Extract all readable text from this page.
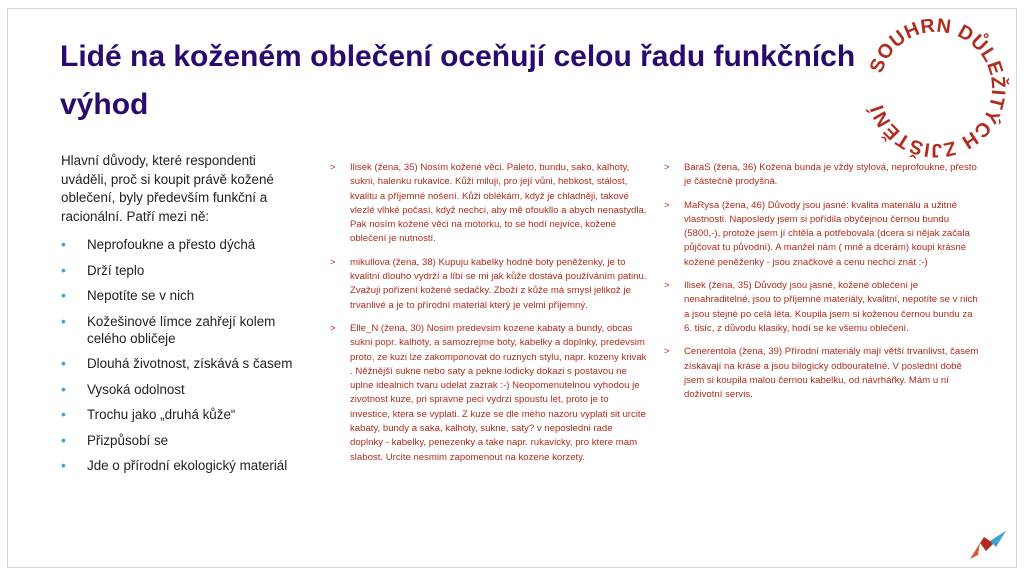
Lidé na koženém oblečení oceňují celou řadu funkčních výhod
SOUHRN DŮLEŽITÝCH ZJIŠTĚNÍ

Hlavní důvody, které respondenti uváděli, proč si koupit právě kožené oblečení, byly především funkční a racionální. Patří mezi ně:

• Neprofoukne a přesto dýchá
• Drží teplo
• Nepotíte se v nich
• Kožešinové límce zahřejí kolem celého obličeje
• Dlouhá životnost, získává s časem
• Vysoká odolnost
• Trochu jako „druhá kůže“
• Přizpůsobí se
• Jde o přírodní ekologický materiál
> Ilisek (žena, 35) Nosím kožené věci. Paleto, bundu, sako, kalhoty, sukni, halenku rukavice. Kůži miluji, pro její vůni, hebkost, stálost, kvalitu a příjemné nošení. Kůži oblékám, když je chladněji, takové vlezlé vlhké počasí, když nechci, aby mě ofoukllo a abych nenastydla. Pak nosím kožené věci na motorku, to se hodí nejvíce, kožené oblečení je nutností.
> mikullova (žena, 38) Kupuju kabelky hodně boty peněženky, je to kvalitní dlouho vydrží a líbí se mi jak kůže dostává používáním patinu. Zvažuji pořízení kožené sedačky. Zboží z kůže má smysl jelikož je trvanlivé a je to přírodní materiál který je velmi příjemný.
> Elle_N (žena, 30) Nosim predevsim kozene kabaty a bundy, obcas sukni popr. kalhoty, a samozrejme boty, kabelky a doplnky, predevsim proto, ze kuzi lze zakomponovat do ruznych stylu, napr. kozeny krivak . Něžnější sukne nebo saty a pekne lodicky dokazi s postavou ne uplne idealnich tvaru udelat zazrak :-) Neopomenutelnou vyhodou je zivotnost kuze, pri spravne peci vydrzi spoustu let, proto je to investice, ktera se vyplati. Z kuze se dle meho nazoru vyplati sit urcite kabaty, bundy a saka, kalhoty, sukne, saty? v neposledni rade doplnky - kabelky, penezenky a take napr. rukavicky, pro ktere mam slabost. Urcite nesmim zapomenout na kozene korzety.
> BaraS (žena, 36) Kožená bunda je vždy stylová, neprofoukne, přesto je částečně prodyšná.
> MaRysa (žena, 46) Důvody jsou jasné: kvalita materiálu a užitné vlastnosti. Naposledy jsem si pořídila obyčejnou černou bundu (5800,-), protože jsem jí chtěla a potřebovala (dcera si nějak začala půjčovat tu původní). A manžel nám ( mně a dcerám) koupi krásné kožené peněženky - jsou značkové a cenu nechci znát :-)
> Ilisek (žena, 35) Důvody jsou jasné, kožené oblečení je nenahraditelné, jsou to příjemné materiály, kvalitní, nepotíte se v nich a jsou stejné po celá léta. Koupila jsem si koženou černou bundu za 6. tisíc, z důvodu klasiky, hodí se ke všemu oblečení.
> Cenerentola (žena, 39) Přírodní materiály mají větší trvanlivst, časem získávají na kráse a jsou bilogicky odbouratelné. V poslední době jsem si koupila malou černou kabelku, od návrhářky. Mám u ní doživotní servis.
